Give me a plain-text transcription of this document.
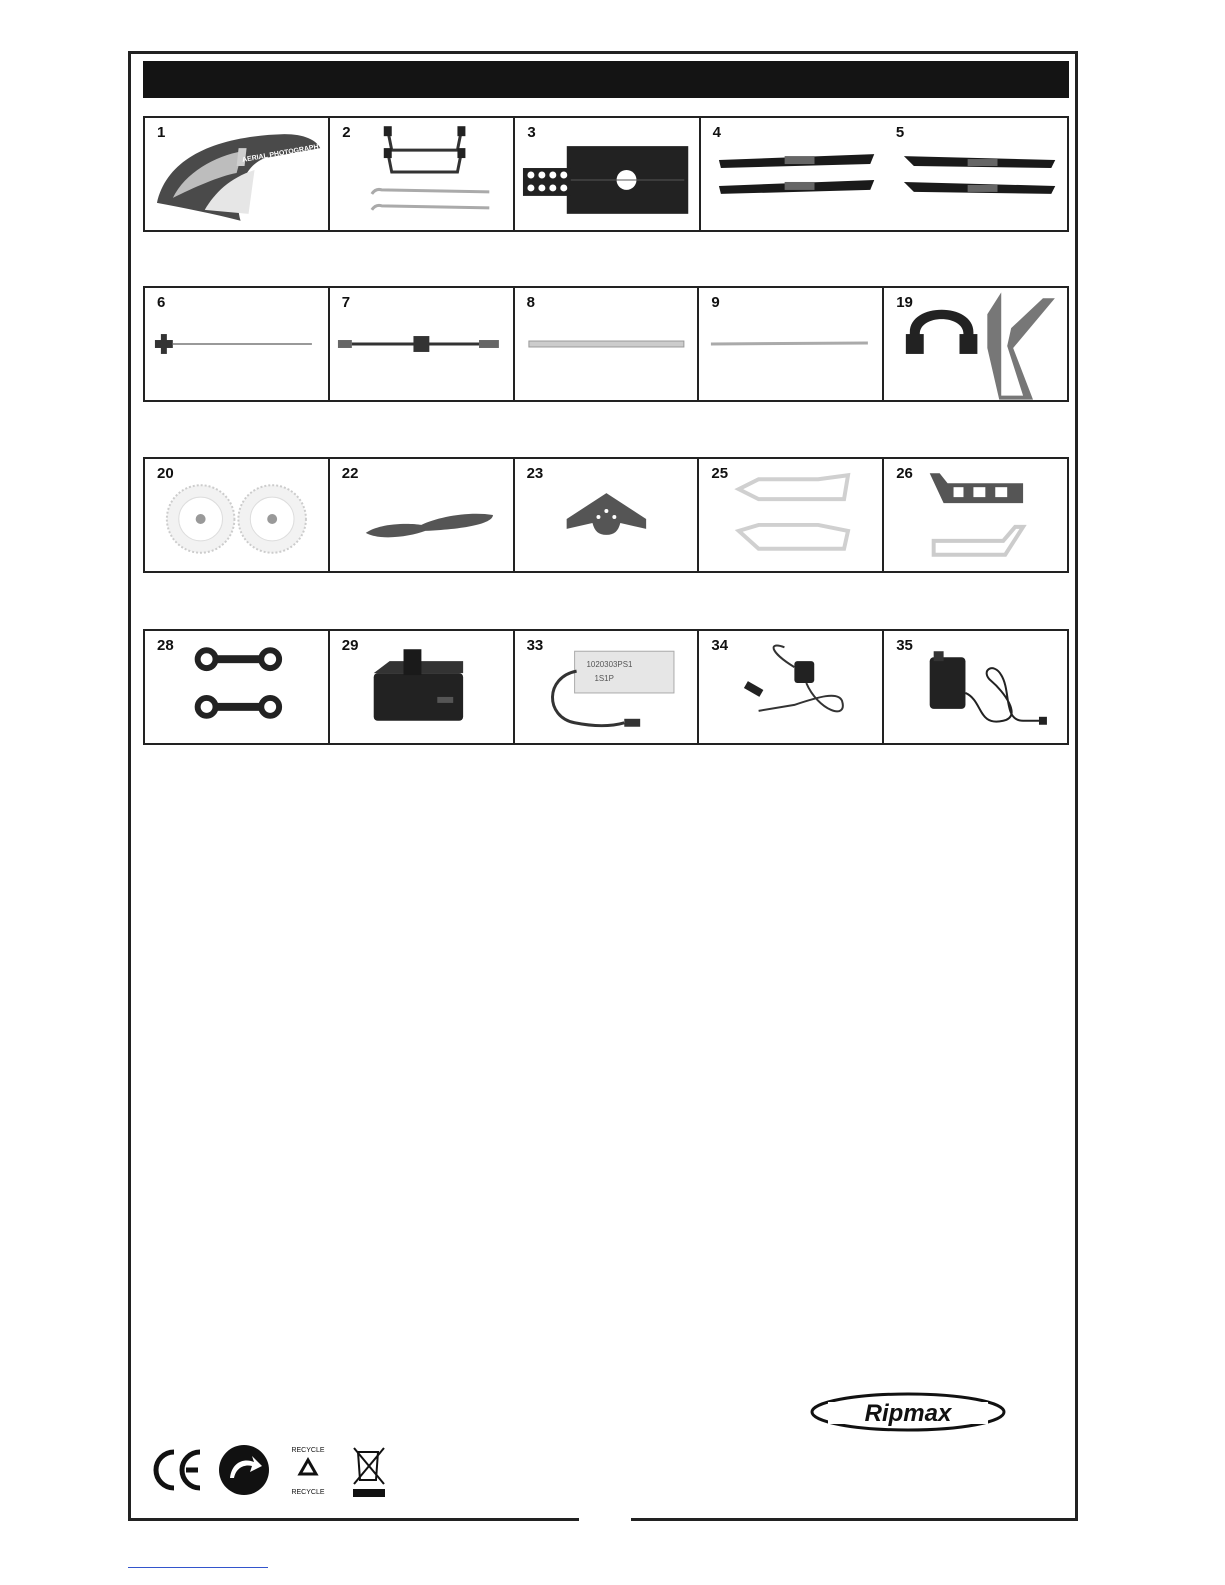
AERIAL PHOTOGRAPHY
1	2	3	4	5
6	7	8	9	19
20	22	23	25	26
28	29
1020303PS1
1S1P
33	34	35
Ripmax
RECYCLE
RECYCLE
